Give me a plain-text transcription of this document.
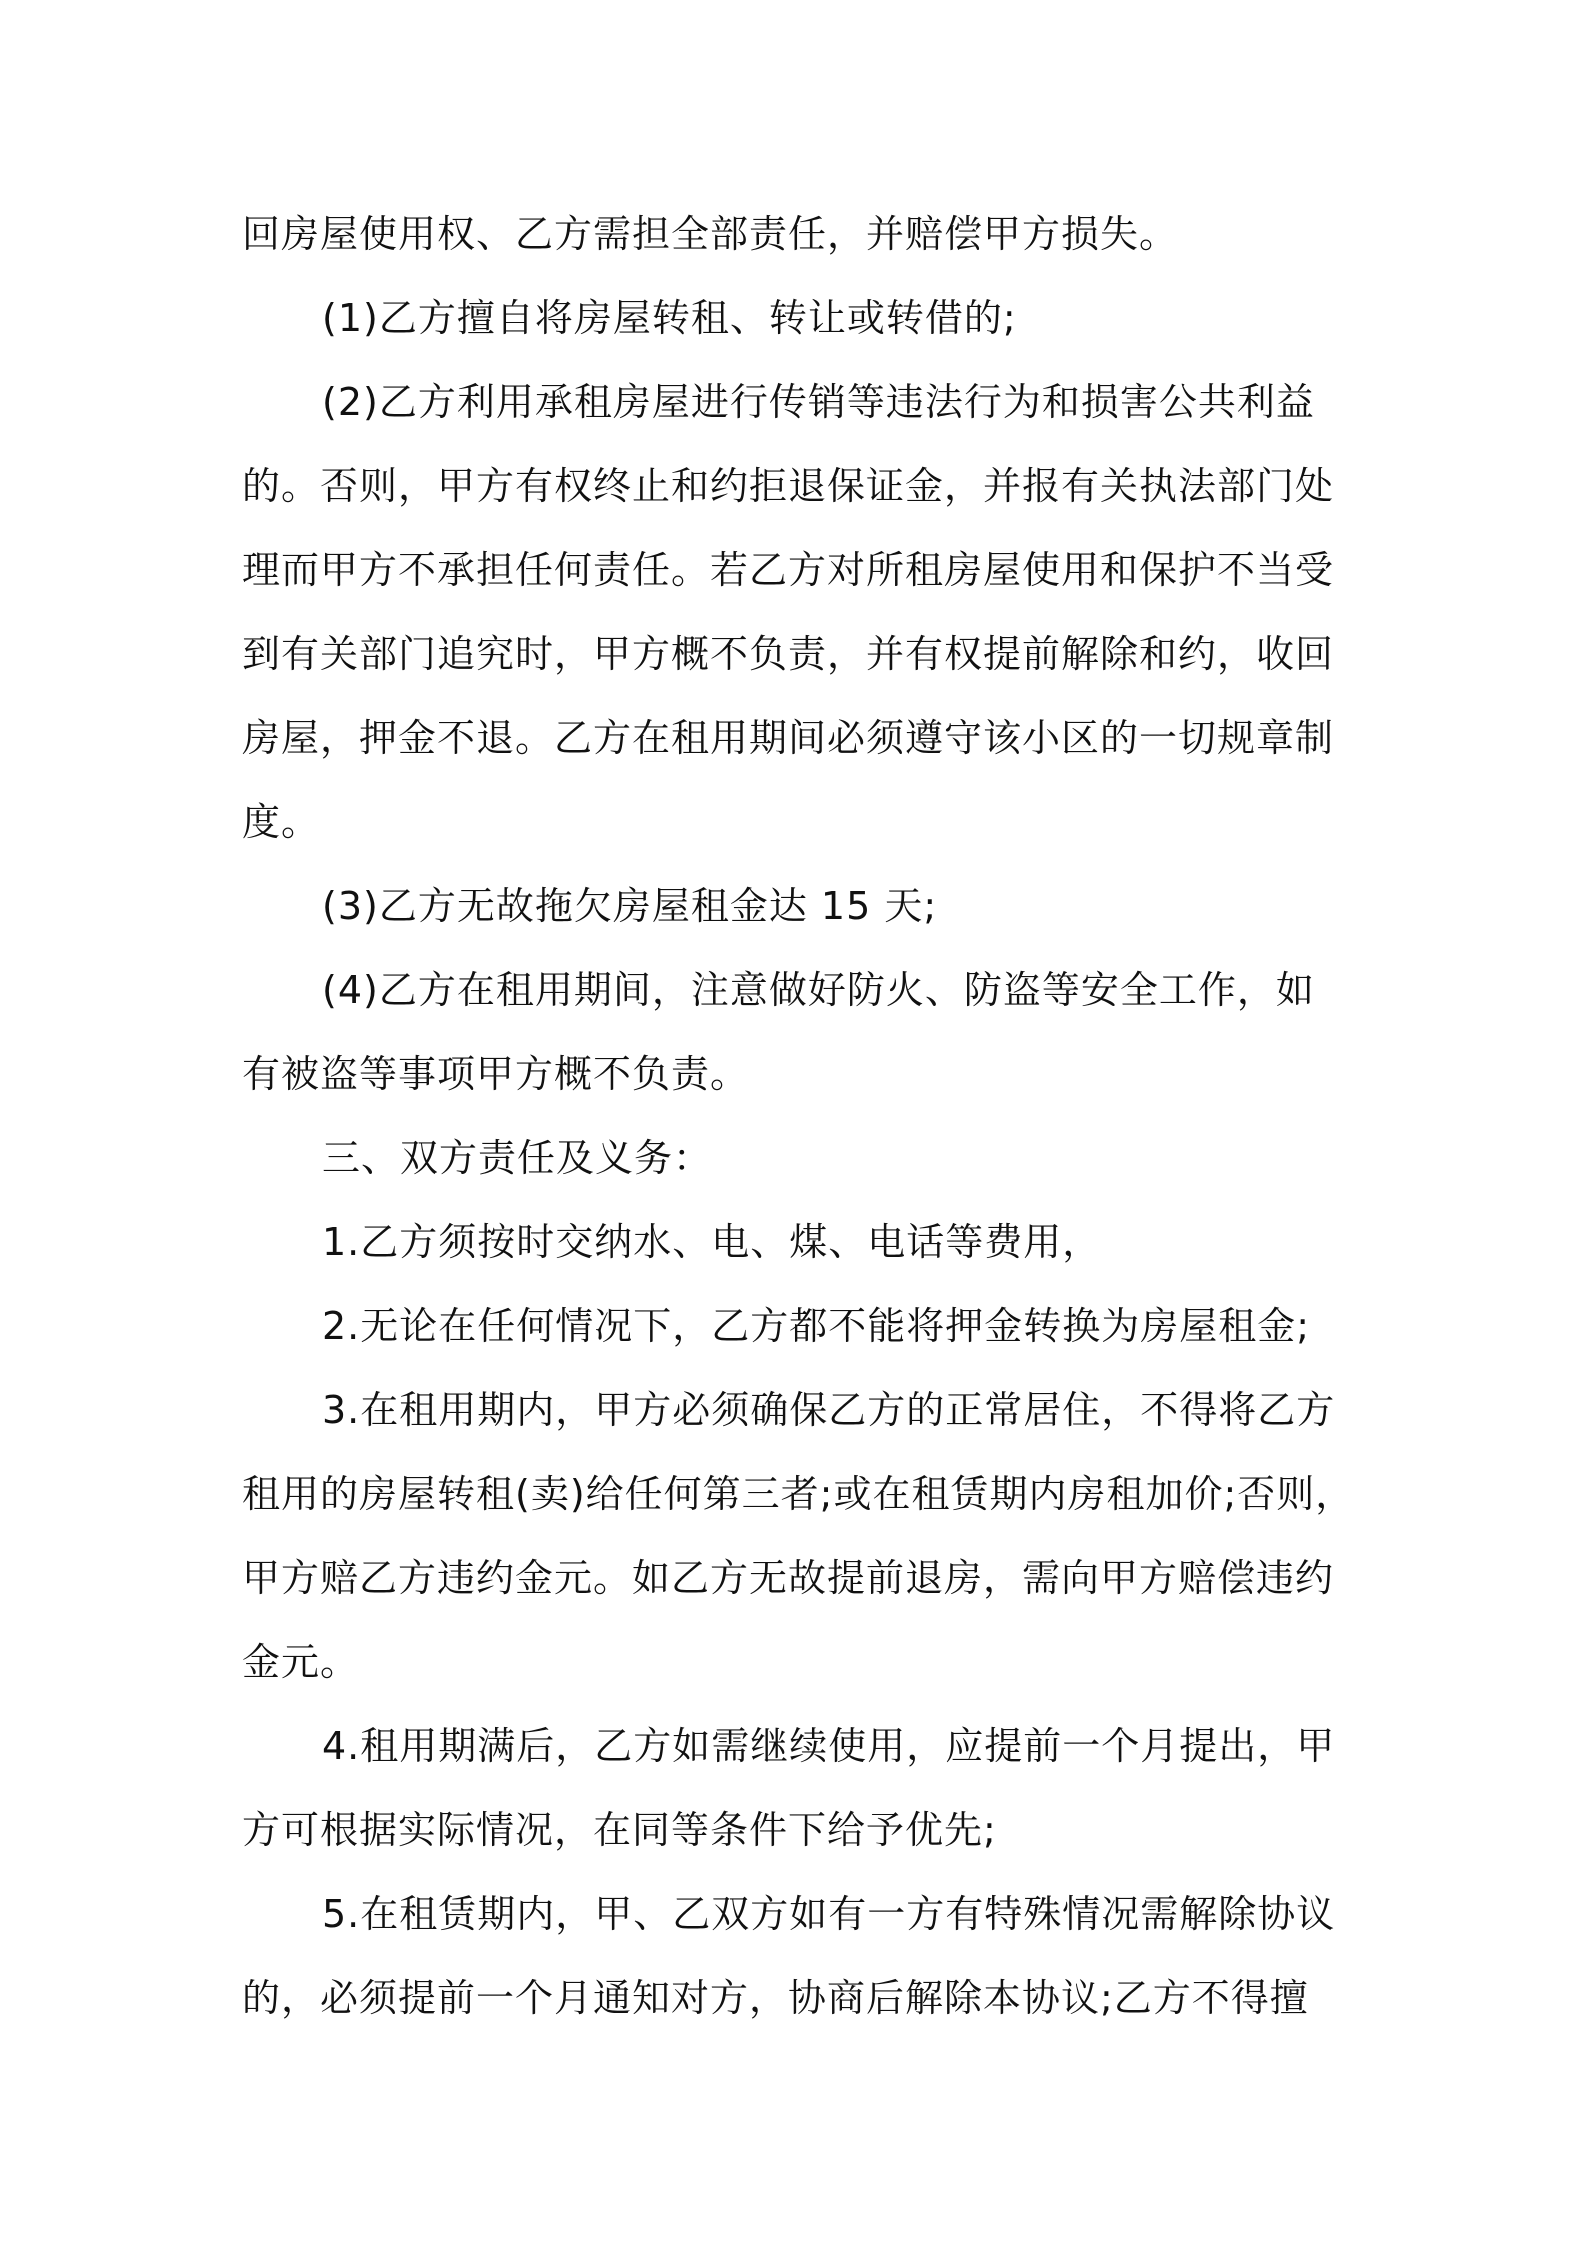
回房屋使用权、乙方需担全部责任，并赔偿甲方损失。
(1)乙方擅自将房屋转租、转让或转借的;
(2)乙方利用承租房屋进行传销等违法行为和损害公共利益
的。否则，甲方有权终止和约拒退保证金，并报有关执法部门处
理而甲方不承担任何责任。若乙方对所租房屋使用和保护不当受
到有关部门追究时，甲方概不负责，并有权提前解除和约，收回
房屋，押金不退。乙方在租用期间必须遵守该小区的一切规章制
度。
(3)乙方无故拖欠房屋租金达 15 天;
(4)乙方在租用期间，注意做好防火、防盗等安全工作，如
有被盗等事项甲方概不负责。
三、双方责任及义务：
1.乙方须按时交纳水、电、煤、电话等费用，
2.无论在任何情况下，乙方都不能将押金转换为房屋租金;
3.在租用期内，甲方必须确保乙方的正常居住，不得将乙方
租用的房屋转租(卖)给任何第三者;或在租赁期内房租加价;否则，
甲方赔乙方违约金元。如乙方无故提前退房，需向甲方赔偿违约
金元。
4.租用期满后，乙方如需继续使用，应提前一个月提出，甲
方可根据实际情况，在同等条件下给予优先;
5.在租赁期内，甲、乙双方如有一方有特殊情况需解除协议
的，必须提前一个月通知对方，协商后解除本协议;乙方不得擅
